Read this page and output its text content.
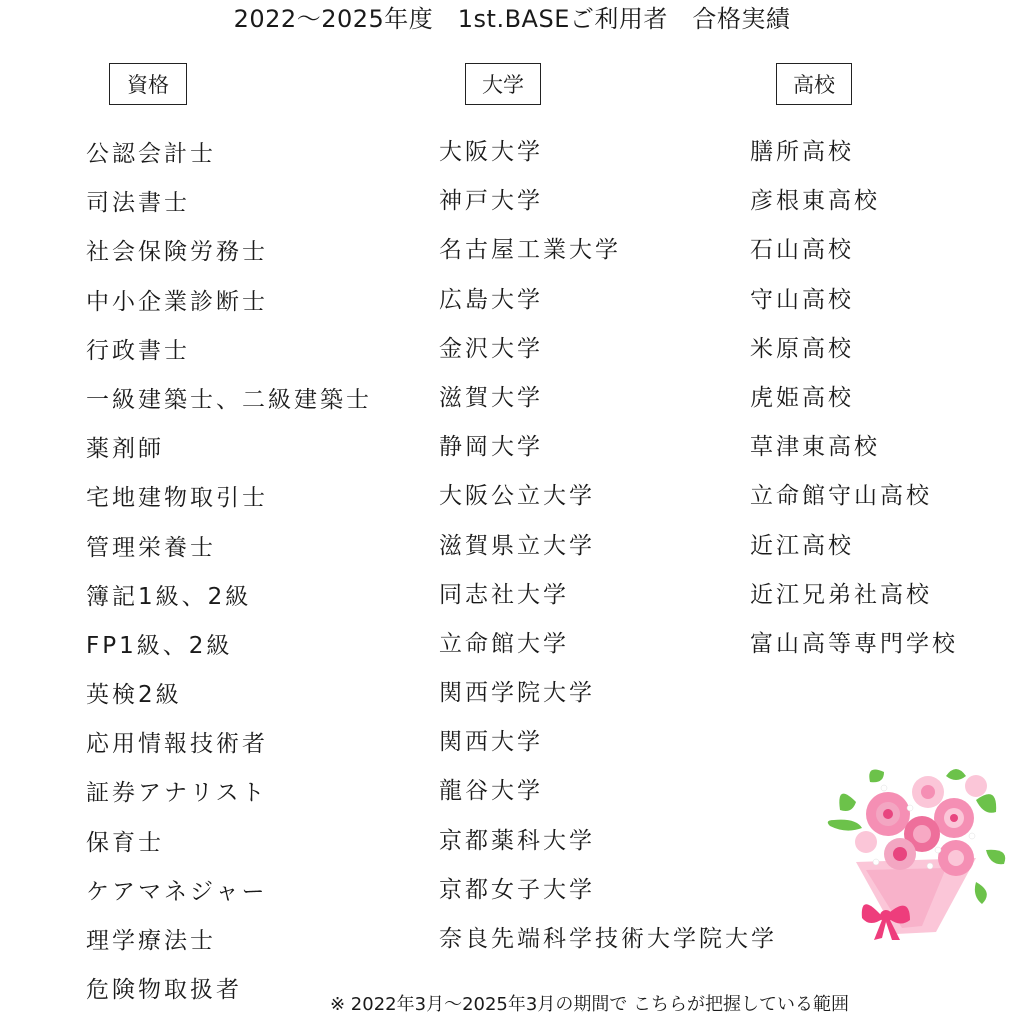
2022〜2025年度　1st.BASEご利用者　合格実績
資格
公認会計士
司法書士
社会保険労務士
中小企業診断士
行政書士
一級建築士、二級建築士
薬剤師
宅地建物取引士
管理栄養士
簿記1級、2級
FP1級、2級
英検2級
応用情報技術者
証券アナリスト
保育士
ケアマネジャー
理学療法士
危険物取扱者
大学
大阪大学
神戸大学
名古屋工業大学
広島大学
金沢大学
滋賀大学
静岡大学
大阪公立大学
滋賀県立大学
同志社大学
立命館大学
関西学院大学
関西大学
龍谷大学
京都薬科大学
京都女子大学
奈良先端科学技術大学院大学
高校
膳所高校
彦根東高校
石山高校
守山高校
米原高校
虎姫高校
草津東高校
立命館守山高校
近江高校
近江兄弟社高校
富山高等専門学校
※ 2022年3月〜2025年3月の期間で こちらが把握している範囲
